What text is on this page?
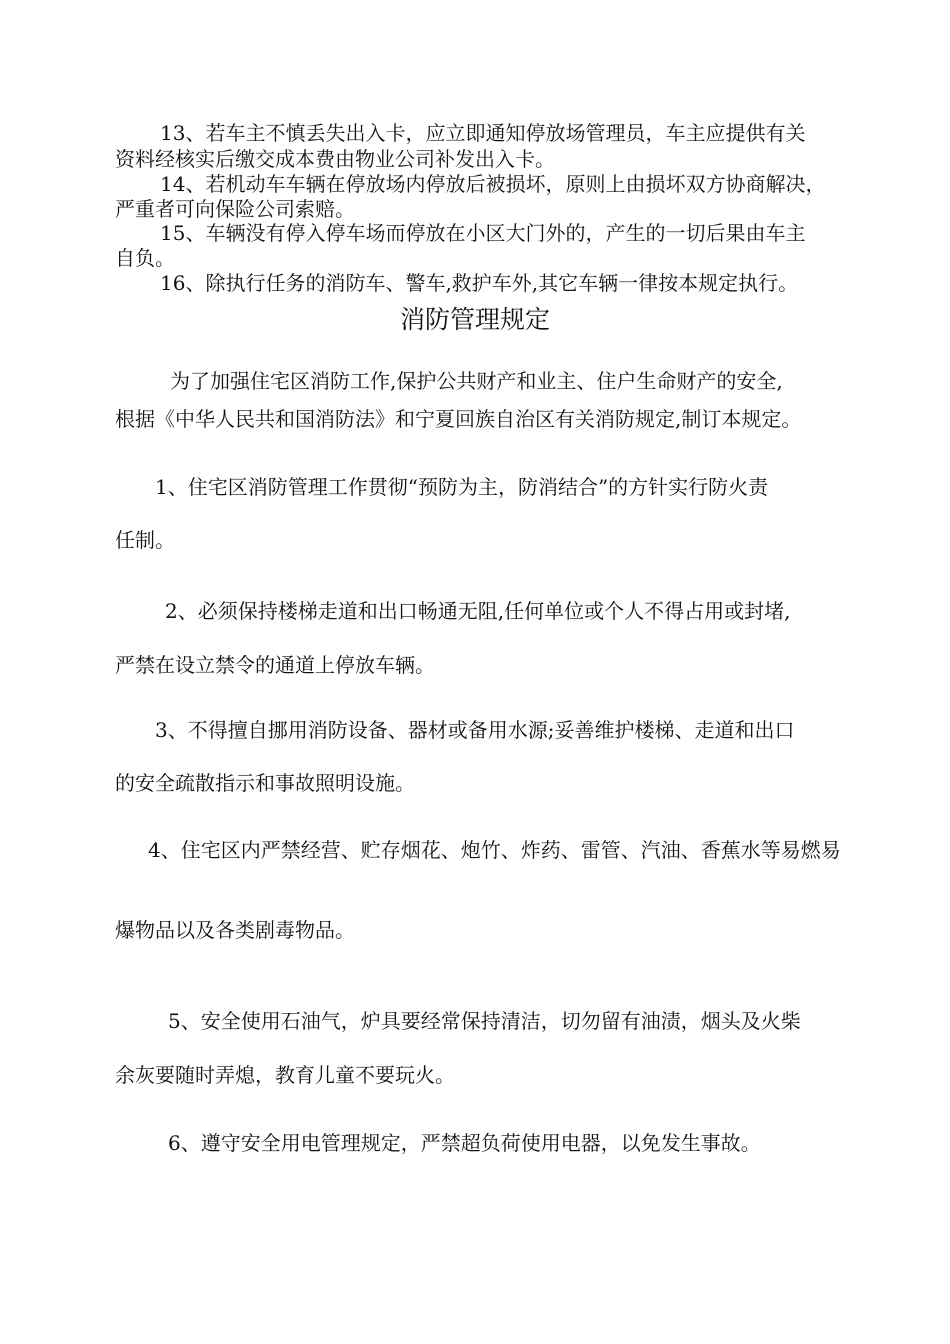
13、若车主不慎丢失出入卡，应立即通知停放场管理员，车主应提供有关
资料经核实后缴交成本费由物业公司补发出入卡。
14、若机动车车辆在停放场内停放后被损坏，原则上由损坏双方协商解决，
严重者可向保险公司索赔。
15、车辆没有停入停车场而停放在小区大门外的，产生的一切后果由车主
自负。
16、除执行任务的消防车、警车,救护车外,其它车辆一律按本规定执行。
消防管理规定
为了加强住宅区消防工作,保护公共财产和业主、住户生命财产的安全,
根据《中华人民共和国消防法》和宁夏回族自治区有关消防规定,制订本规定。
1、住宅区消防管理工作贯彻“预防为主，防消结合”的方针实行防火责
任制。
2、必须保持楼梯走道和出口畅通无阻,任何单位或个人不得占用或封堵,
严禁在设立禁令的通道上停放车辆。
3、不得擅自挪用消防设备、器材或备用水源;妥善维护楼梯、走道和出口
的安全疏散指示和事故照明设施。
4、住宅区内严禁经营、贮存烟花、炮竹、炸药、雷管、汽油、香蕉水等易燃易
爆物品以及各类剧毒物品。
5、安全使用石油气，炉具要经常保持清洁，切勿留有油渍，烟头及火柴
余灰要随时弄熄，教育儿童不要玩火。
6、遵守安全用电管理规定，严禁超负荷使用电器，以免发生事故。
